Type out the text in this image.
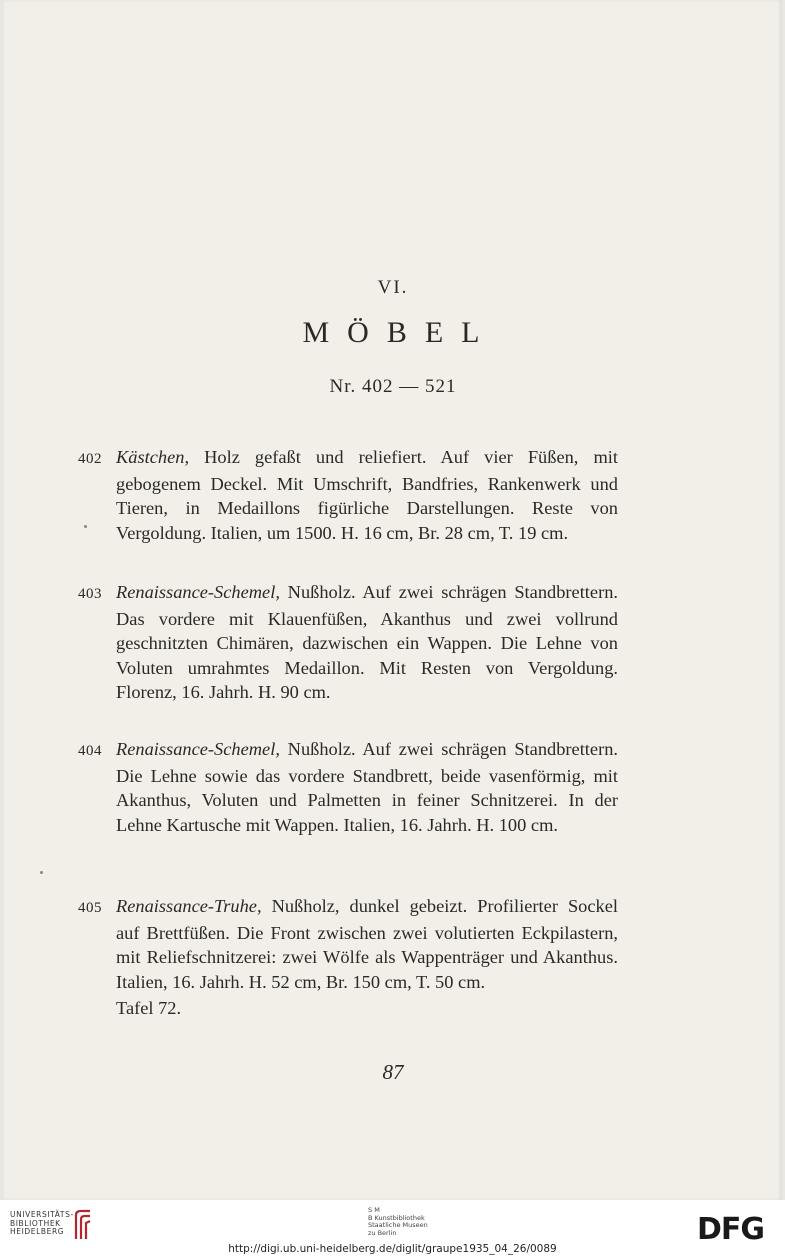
VI.
MÖBEL
Nr. 402 — 521

402 Kästchen, Holz gefaßt und reliefiert. Auf vier Füßen, mit gebogenem Deckel. Mit Umschrift, Bandfries, Rankenwerk und Tieren, in Medaillons figürliche Darstellungen. Reste von Vergoldung. Italien, um 1500. H. 16 cm, Br. 28 cm, T. 19 cm.

403 Renaissance-Schemel, Nußholz. Auf zwei schrägen Standbrettern. Das vordere mit Klauenfüßen, Akanthus und zwei vollrund geschnitzten Chimären, dazwischen ein Wappen. Die Lehne von Voluten umrahmtes Medaillon. Mit Resten von Vergoldung. Florenz, 16. Jahrh. H. 90 cm.

404 Renaissance-Schemel, Nußholz. Auf zwei schrägen Standbrettern. Die Lehne sowie das vordere Standbrett, beide vasenförmig, mit Akanthus, Voluten und Palmetten in feiner Schnitzerei. In der Lehne Kartusche mit Wappen. Italien, 16. Jahrh. H. 100 cm.

405 Renaissance-Truhe, Nußholz, dunkel gebeizt. Profilierter Sockel auf Brettfüßen. Die Front zwischen zwei volutierten Eckpilastern, mit Reliefschnitzerei: zwei Wölfe als Wappenträger und Akanthus. Italien, 16. Jahrh. H. 52 cm, Br. 150 cm, T. 50 cm.

Tafel 72.
87
UNIVERSITÄTS-
BIBLIOTHEK
HEIDELBERG
S M
B Kunstbibliothek
Staatliche Museen
zu Berlin	DFG
http://digi.ub.uni-heidelberg.de/diglit/graupe1935_04_26/0089
